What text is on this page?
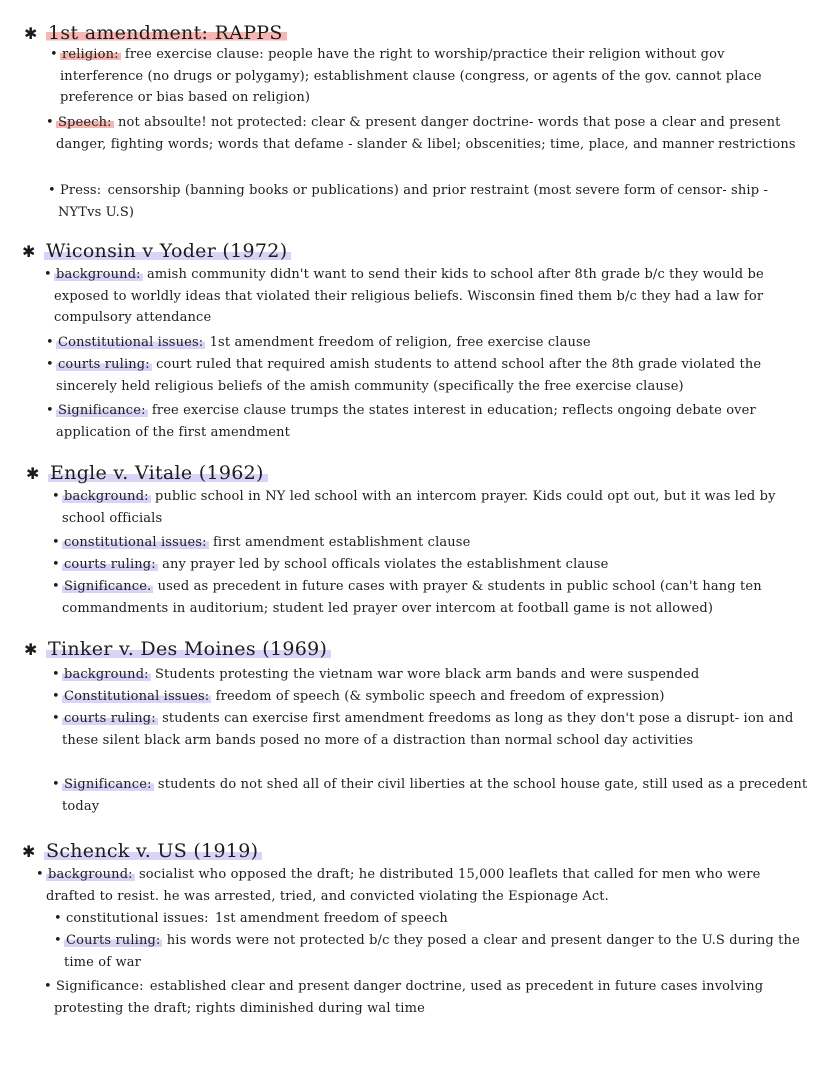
✱ 1st amendment: RAPPS
• religion: free exercise clause: people have the right to worship/practice their religion without gov interference (no drugs or polygamy); establishment clause (congress, or agents of the gov. cannot place preference or bias based on religion)
• Speech: not absoulte! not protected: clear & present danger doctrine- words that pose a clear and present danger, fighting words; words that defame - slander & libel; obscenities; time, place, and manner restrictions
• Press: censorship (banning books or publications) and prior restraint (most severe form of censor- ship - NYTvs U.S)
✱ Wiconsin v Yoder (1972)
• background: amish community didn't want to send their kids to school after 8th grade b/c they would be exposed to worldly ideas that violated their religious beliefs. Wisconsin fined them b/c they had a law for compulsory attendance
• Constitutional issues: 1st amendment freedom of religion, free exercise clause
• courts ruling: court ruled that required amish students to attend school after the 8th grade violated the sincerely held religious beliefs of the amish community (specifically the free exercise clause)
• Significance: free exercise clause trumps the states interest in education; reflects ongoing debate over application of the first amendment
✱ Engle v. Vitale (1962)
• background: public school in NY led school with an intercom prayer. Kids could opt out, but it was led by school officials
• constitutional issues: first amendment establishment clause
• courts ruling: any prayer led by school officals violates the establishment clause
• Significance. used as precedent in future cases with prayer & students in public school (can't hang ten commandments in auditorium; student led prayer over intercom at football game is not allowed)
✱ Tinker v. Des Moines (1969)
• background: Students protesting the vietnam war wore black arm bands and were suspended
• Constitutional issues: freedom of speech (& symbolic speech and freedom of expression)
• courts ruling: students can exercise first amendment freedoms as long as they don't pose a disrupt- ion and these silent black arm bands posed no more of a distraction than normal school day activities
• Significance: students do not shed all of their civil liberties at the school house gate, still used as a precedent today
✱ Schenck v. US (1919)
• background: socialist who opposed the draft; he distributed 15,000 leaflets that called for men who were drafted to resist. he was arrested, tried, and convicted violating the Espionage Act.
• constitutional issues: 1st amendment freedom of speech
• Courts ruling: his words were not protected b/c they posed a clear and present danger to the U.S during the time of war
• Significance: established clear and present danger doctrine, used as precedent in future cases involving protesting the draft; rights diminished during wal time
